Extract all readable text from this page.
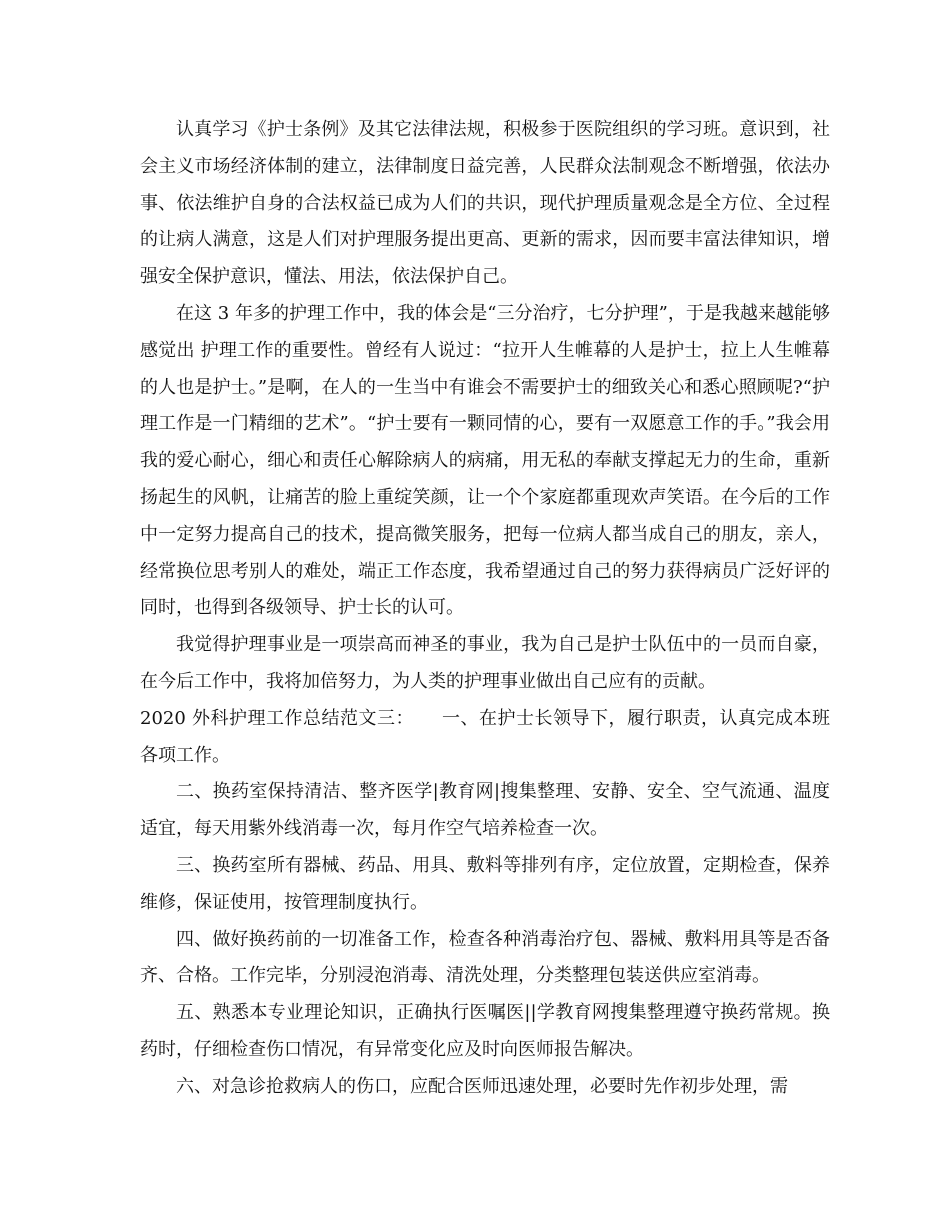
认真学习《护士条例》及其它法律法规，积极参于医院组织的学习班。意识到，社会主义市场经济体制的建立，法律制度日益完善，人民群众法制观念不断增强，依法办事、依法维护自身的合法权益已成为人们的共识，现代护理质量观念是全方位、全过程的让病人满意，这是人们对护理服务提出更高、更新的需求，因而要丰富法律知识，增强安全保护意识，懂法、用法，依法保护自己。

在这 3 年多的护理工作中，我的体会是“三分治疗，七分护理”，于是我越来越能够感觉出 护理工作的重要性。曾经有人说过：“拉开人生帷幕的人是护士，拉上人生帷幕的人也是护士。”是啊，在人的一生当中有谁会不需要护士的细致关心和悉心照顾呢?“护理工作是一门精细的艺术”。“护士要有一颗同情的心，要有一双愿意工作的手。”我会用我的爱心耐心，细心和责任心解除病人的病痛，用无私的奉献支撑起无力的生命，重新扬起生的风帆，让痛苦的脸上重绽笑颜，让一个个家庭都重现欢声笑语。在今后的工作中一定努力提高自己的技术，提高微笑服务，把每一位病人都当成自己的朋友，亲人，经常换位思考别人的难处，端正工作态度，我希望通过自己的努力获得病员广泛好评的同时，也得到各级领导、护士长的认可。

我觉得护理事业是一项崇高而神圣的事业，我为自己是护士队伍中的一员而自豪，在今后工作中，我将加倍努力，为人类的护理事业做出自己应有的贡献。

2020 外科护理工作总结范文三：　　一、在护士长领导下，履行职责，认真完成本班各项工作。

二、换药室保持清洁、整齐医学|教育网|搜集整理、安静、安全、空气流通、温度适宜，每天用紫外线消毒一次，每月作空气培养检查一次。

三、换药室所有器械、药品、用具、敷料等排列有序，定位放置，定期检查，保养维修，保证使用，按管理制度执行。

四、做好换药前的一切准备工作，检查各种消毒治疗包、器械、敷料用具等是否备齐、合格。工作完毕，分别浸泡消毒、清洗处理，分类整理包装送供应室消毒。

五、熟悉本专业理论知识，正确执行医嘱医||学教育网搜集整理遵守换药常规。换药时，仔细检查伤口情况，有异常变化应及时向医师报告解决。

六、对急诊抢救病人的伤口，应配合医师迅速处理，必要时先作初步处理，需
